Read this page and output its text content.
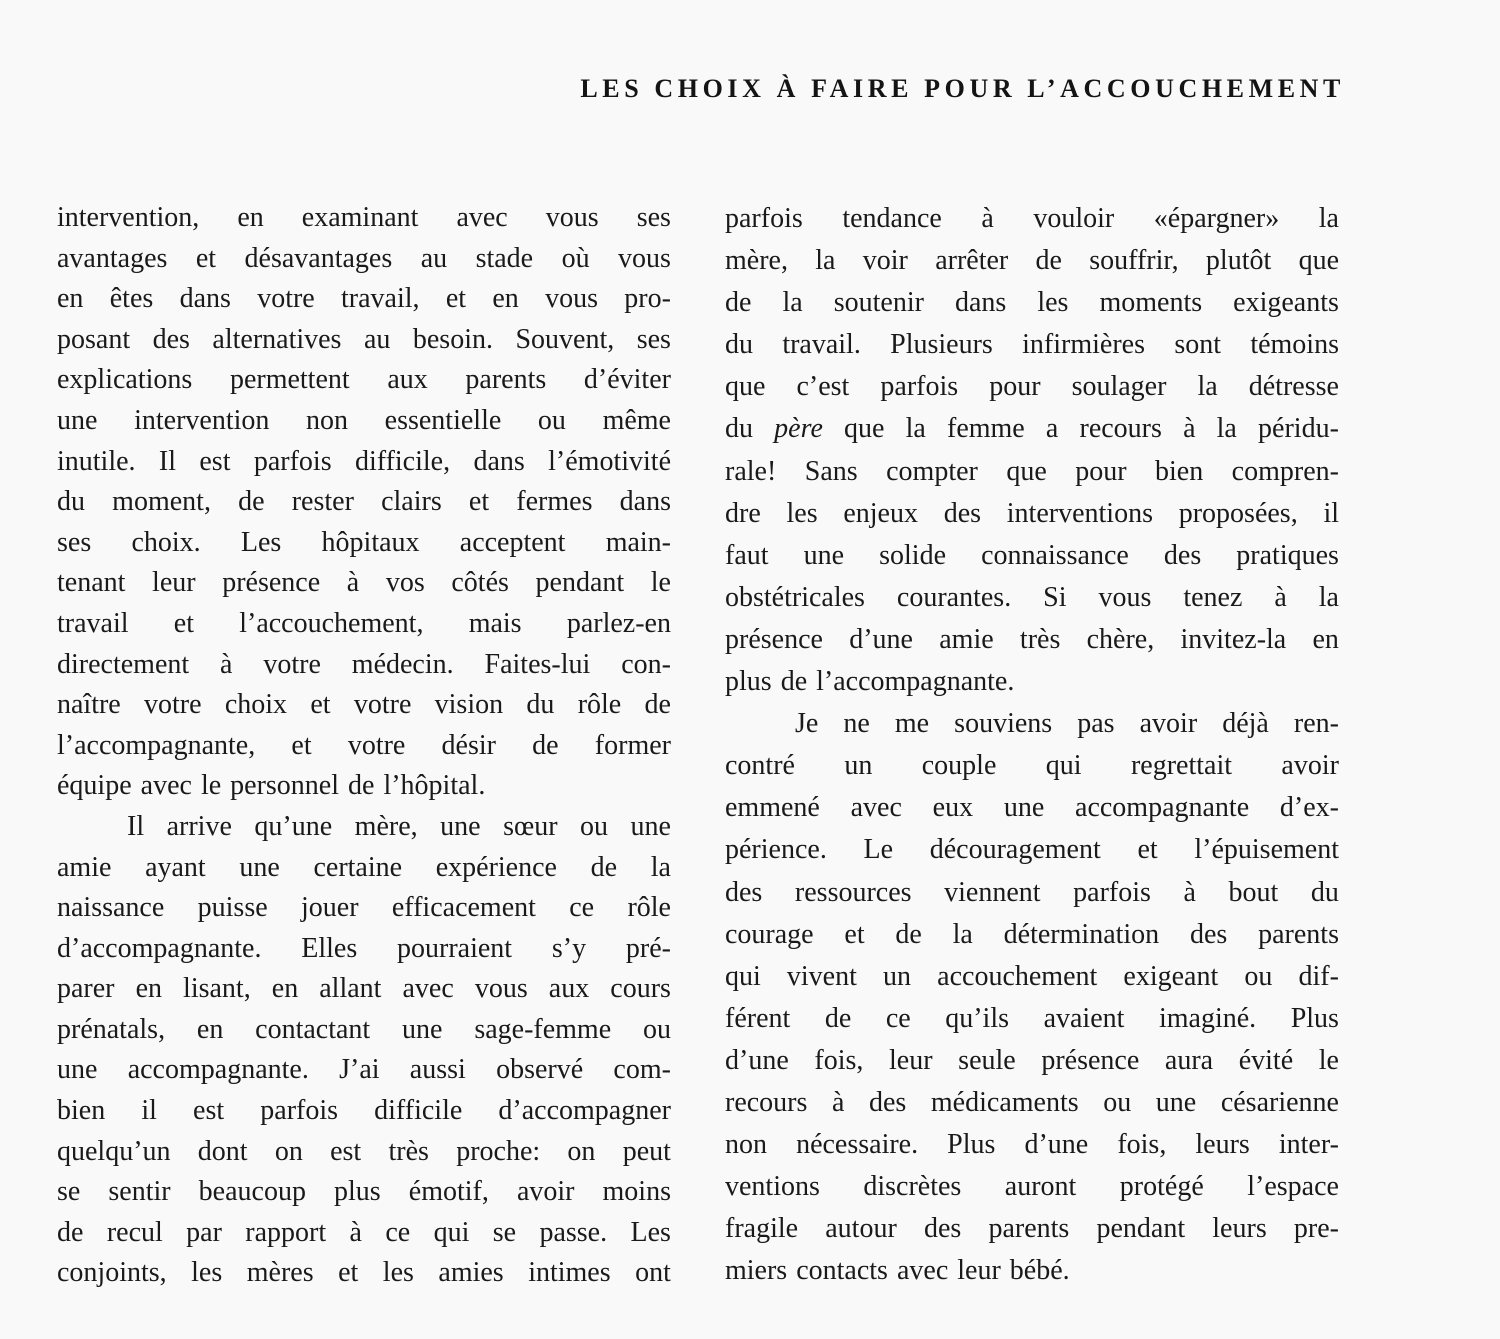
LES CHOIX À FAIRE POUR L’ACCOUCHEMENT
intervention, en examinant avec vous ses
avantages et désavantages au stade où vous
en êtes dans votre travail, et en vous pro-
posant des alternatives au besoin. Souvent, ses
explications permettent aux parents d’éviter
une intervention non essentielle ou même
inutile. Il est parfois difficile, dans l’émotivité
du moment, de rester clairs et fermes dans
ses choix. Les hôpitaux acceptent main-
tenant leur présence à vos côtés pendant le
travail et l’accouchement, mais parlez-en
directement à votre médecin. Faites-lui con-
naître votre choix et votre vision du rôle de
l’accompagnante, et votre désir de former
équipe avec le personnel de l’hôpital.
Il arrive qu’une mère, une sœur ou une
amie ayant une certaine expérience de la
naissance puisse jouer efficacement ce rôle
d’accompagnante. Elles pourraient s’y pré-
parer en lisant, en allant avec vous aux cours
prénatals, en contactant une sage-femme ou
une accompagnante. J’ai aussi observé com-
bien il est parfois difficile d’accompagner
quelqu’un dont on est très proche: on peut
se sentir beaucoup plus émotif, avoir moins
de recul par rapport à ce qui se passe. Les
conjoints, les mères et les amies intimes ont
parfois tendance à vouloir «épargner» la
mère, la voir arrêter de souffrir, plutôt que
de la soutenir dans les moments exigeants
du travail. Plusieurs infirmières sont témoins
que c’est parfois pour soulager la détresse
du père que la femme a recours à la péridu-
rale! Sans compter que pour bien compren-
dre les enjeux des interventions proposées, il
faut une solide connaissance des pratiques
obstétricales courantes. Si vous tenez à la
présence d’une amie très chère, invitez-la en
plus de l’accompagnante.
Je ne me souviens pas avoir déjà ren-
contré un couple qui regrettait avoir
emmené avec eux une accompagnante d’ex-
périence. Le découragement et l’épuisement
des ressources viennent parfois à bout du
courage et de la détermination des parents
qui vivent un accouchement exigeant ou dif-
férent de ce qu’ils avaient imaginé. Plus
d’une fois, leur seule présence aura évité le
recours à des médicaments ou une césarienne
non nécessaire. Plus d’une fois, leurs inter-
ventions discrètes auront protégé l’espace
fragile autour des parents pendant leurs pre-
miers contacts avec leur bébé.
